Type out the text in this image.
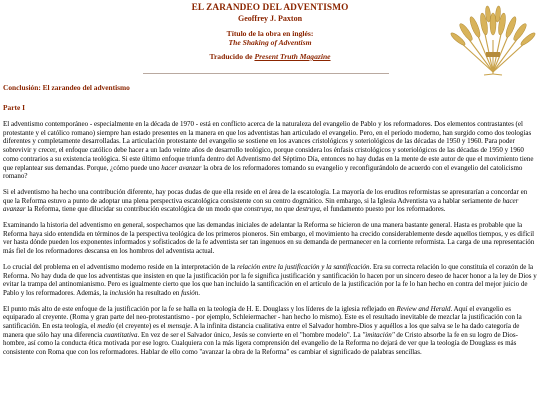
EL ZARANDEO DEL ADVENTISMO
Geoffrey J. Paxton
Título de la obra en inglés:
The Shaking of Adventism
Traducido de Present Truth Magazine
Conclusión: El zarandeo del adventismo
Parte I

El adventismo contemporáneo - especialmente en la década de 1970 - está en conflicto acerca de la naturaleza del evangelio de Pablo y los reformadores. Dos elementos contrastantes (el protestante y el católico romano) siempre han estado presentes en la manera en que los adventistas han articulado el evangelio. Pero, en el período moderno, han surgido como dos teologías diferentes y completamente desarrolladas. La articulación protestante del evangelio se sostiene en los avances cristológicos y soteriológicos de las décadas de 1950 y 1960. Para poder sobrevivir y crecer, el enfoque católico debe hacer a un lado veinte años de desarrollo teológico, porque considera los énfasis cristológicos y soteriológicos de las décadas de 1950 y 1960 como contrarios a su existencia teológica. Si este último enfoque triunfa dentro del Adventismo del Séptimo Día, entonces no hay dudas en la mente de este autor de que el movimiento tiene que replantear sus demandas. Porque, ¿cómo puede uno hacer avanzar la obra de los reformadores tomando su evangelio y reconfigurándolo de acuerdo con el evangelio del catolicismo romano?

Si el adventismo ha hecho una contribución diferente, hay pocas dudas de que ella reside en el área de la escatología. La mayoría de los eruditos reformistas se apresurarían a concordar en que la Reforma estuvo a punto de adoptar una plena perspectiva escatológica consistente con su centro dogmático. Sin embargo, si la Iglesia Adventista va a hablar seriamente de hacer avanzar la Reforma, tiene que dilucidar su contribución escatológica de un modo que construya, no que destruya, el fundamento puesto por los reformadores.

Examinando la historia del adventismo en general, sospechamos que las demandas iniciales de adelantar la Reforma se hicieron de una manera bastante general. Hasta es probable que la Reforma haya sido entendida en términos de la perspectiva teológica de los primeros pioneros. Sin embargo, el movimiento ha crecido considerablemente desde aquellos tiempos, y es difícil ver hasta dónde pueden los exponentes informados y sofisticados de la fe adventista ser tan ingenuos en su demanda de permanecer en la corriente reformista. La carga de una representación más fiel de los reformadores descansa en los hombros del adventista actual.

Lo crucial del problema en el adventismo moderno reside en la interpretación de la relación entre la justificación y la santificación. Era su correcta relación lo que constituía el corazón de la Reforma. No hay duda de que los adventistas que insisten en que la justificación por la fe significa justificación y santificación lo hacen por un sincero deseo de hacer honor a la ley de Dios y evitar la trampa del antinomianismo. Pero es igualmente cierto que los que han incluido la santificación en el artículo de la justificación por la fe lo han hecho en contra del mejor juicio de Pablo y los reformadores. Además, la inclusión ha resultado en fusión.

El punto más alto de este enfoque de la justificación por la fe se halla en la teología de H. E. Douglass y los líderes de la iglesia reflejado en Review and Herald. Aquí el evangelio es equiparado al creyente. (Roma y gran parte del neo-protestantismo - por ejemplo, Schleiermacher - han hecho lo mismo). Este es el resultado inevitable de mezclar la justificación con la santificación. En esta teología, el medio (el creyente) es el mensaje. A la infinita distancia cualitativa entre el Salvador hombre-Dios y aquéllos a los que salva se le ha dado categoría de manera que sólo hay una diferencia cuantitativa. En vez de ser el Salvador único, Jesús se convierte en el "hombre modelo". La "imitación" de Cristo absorbe la fe en su logro de Dios-hombre, así como la conducta ética motivada por ese logro. Cualquiera con la más ligera comprensión del evangelio de la Reforma no dejará de ver que la teología de Douglass es más consistente con Roma que con los reformadores. Hablar de ello como "avanzar la obra de la Reforma" es cambiar el significado de palabras sencillas.
